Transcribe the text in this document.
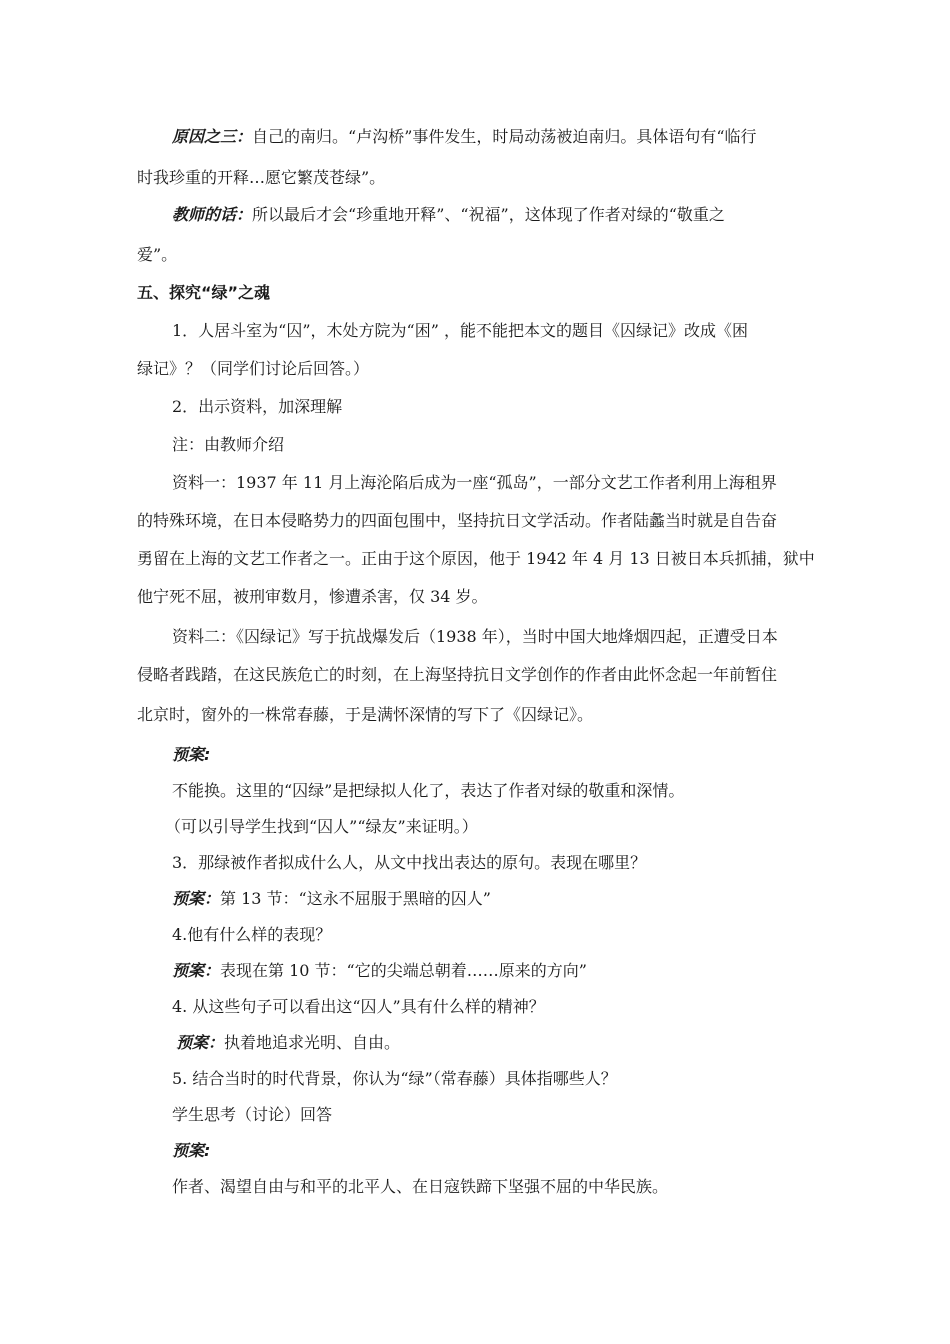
原因之三：自己的南归。“卢沟桥”事件发生，时局动荡被迫南归。具体语句有“临行

时我珍重的开释…愿它繁茂苍绿”。

教师的话：所以最后才会“珍重地开释”、“祝福”，这体现了作者对绿的“敬重之

爱”。

五、探究“绿”之魂

1．人居斗室为“囚”，木处方院为“困” ，能不能把本文的题目《囚绿记》改成《困

绿记》？（同学们讨论后回答。）

2．出示资料，加深理解

注：由教师介绍

资料一：1937 年 11 月上海沦陷后成为一座“孤岛”，一部分文艺工作者利用上海租界

的特殊环境，在日本侵略势力的四面包围中，坚持抗日文学活动。作者陆蠡当时就是自告奋

勇留在上海的文艺工作者之一。正由于这个原因，他于 1942 年 4 月 13 日被日本兵抓捕，狱中

他宁死不屈，被刑审数月，惨遭杀害，仅 34 岁。

资料二：《囚绿记》写于抗战爆发后（1938 年），当时中国大地烽烟四起，正遭受日本

侵略者践踏，在这民族危亡的时刻，在上海坚持抗日文学创作的作者由此怀念起一年前暂住

北京时，窗外的一株常春藤，于是满怀深情的写下了《囚绿记》。

预案:

不能换。这里的“囚绿”是把绿拟人化了，表达了作者对绿的敬重和深情。

（可以引导学生找到“囚人”“绿友”来证明。）

3．那绿被作者拟成什么人，从文中找出表达的原句。表现在哪里？

预案：第 13 节：“这永不屈服于黑暗的囚人”

4.他有什么样的表现？

预案：表现在第 10 节：“它的尖端总朝着……原来的方向”

4. 从这些句子可以看出这“囚人”具有什么样的精神？

预案：执着地追求光明、自由。

5. 结合当时的时代背景，你认为“绿”（常春藤）具体指哪些人？

学生思考（讨论）回答

预案:

作者、渴望自由与和平的北平人、在日寇铁蹄下坚强不屈的中华民族。
